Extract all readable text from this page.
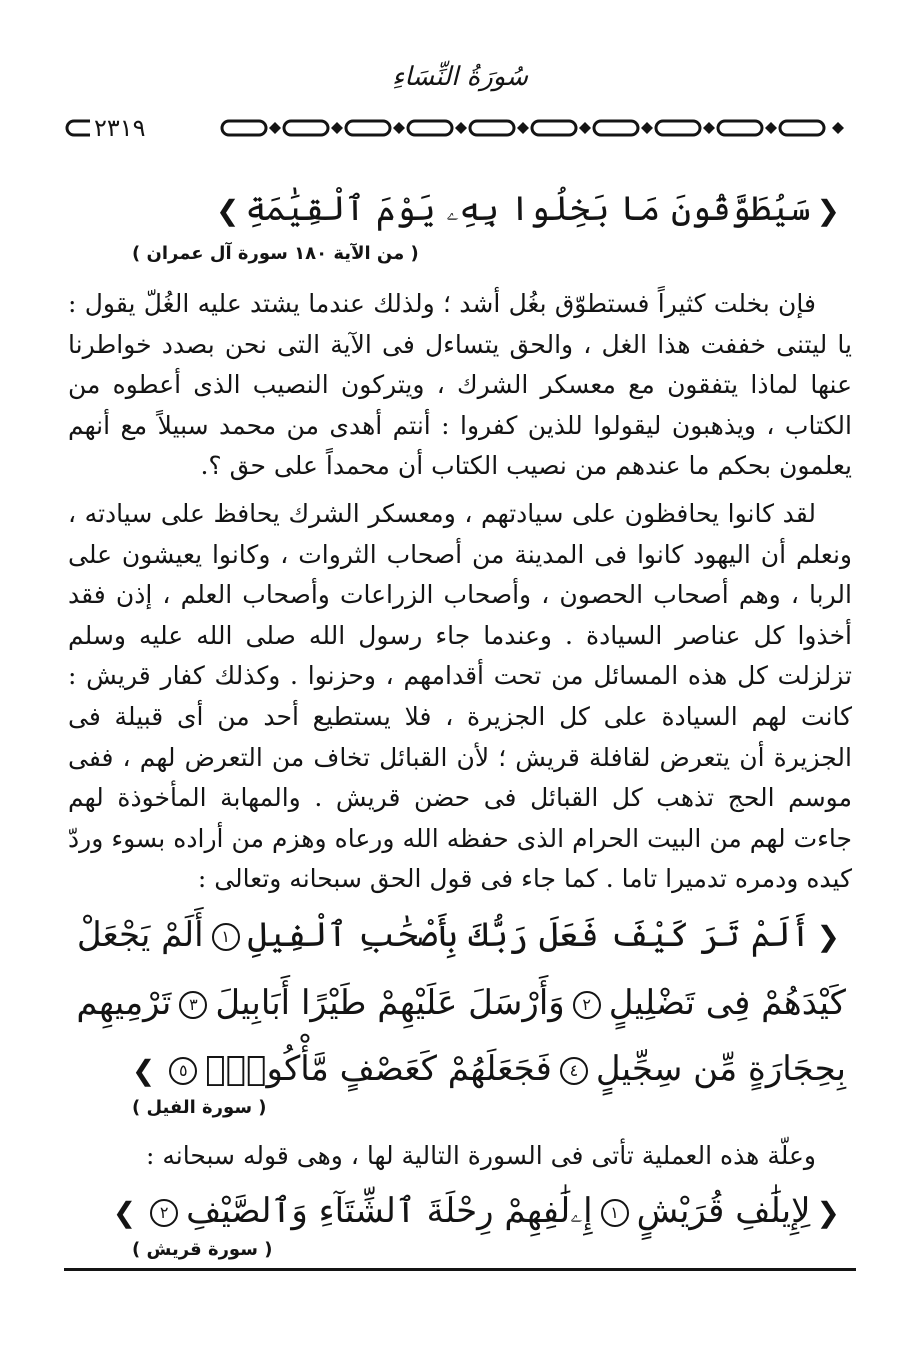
سُورَةُ النِّسَاءِ
٢٣١٩
❮سَيُطَوَّقُونَ مَا بَخِلُوا بِهِۦ يَوْمَ ٱلْقِيَٰمَةِ❯
( من الآية ١٨٠ سورة آل عمران )
فإن بخلت كثيراً فستطوّق بغُل أشد ؛ ولذلك عندما يشتد عليه الغُلّ يقول : يا ليتنى خففت هذا الغل ، والحق يتساءل فى الآية التى نحن بصدد خواطرنا عنها لماذا يتفقون مع معسكر الشرك ، ويتركون النصيب الذى أعطوه من الكتاب ، ويذهبون ليقولوا للذين كفروا : أنتم أهدى من محمد سبيلاً مع أنهم يعلمون بحكم ما عندهم من نصيب الكتاب أن محمداً على حق ؟.
لقد كانوا يحافظون على سيادتهم ، ومعسكر الشرك يحافظ على سيادته ، ونعلم أن اليهود كانوا فى المدينة من أصحاب الثروات ، وكانوا يعيشون على الربا ، وهم أصحاب الحصون ، وأصحاب الزراعات وأصحاب العلم ، إذن فقد أخذوا كل عناصر السيادة . وعندما جاء رسول الله صلى الله عليه وسلم تزلزلت كل هذه المسائل من تحت أقدامهم ، وحزنوا . وكذلك كفار قريش : كانت لهم السيادة على كل الجزيرة ، فلا يستطيع أحد من أى قبيلة فى الجزيرة أن يتعرض لقافلة قريش ؛ لأن القبائل تخاف من التعرض لهم ، ففى موسم الحج تذهب كل القبائل فى حضن قريش . والمهابة المأخوذة لهم جاءت لهم من البيت الحرام الذى حفظه الله ورعاه وهزم من أراده بسوء وردّ كيده ودمره تدميرا تاما . كما جاء فى قول الحق سبحانه وتعالى :
❮أَلَمْ تَرَ كَيْفَ فَعَلَ رَبُّكَ بِأَصْحَٰبِ ٱلْفِيلِ١أَلَمْ يَجْعَلْ كَيْدَهُمْ فِى تَضْلِيلٍ٢وَأَرْسَلَ عَلَيْهِمْ طَيْرًا أَبَابِيلَ٣تَرْمِيهِم بِحِجَارَةٍ مِّن سِجِّيلٍ٤فَجَعَلَهُمْ كَعَصْفٍ مَّأْكُولٍۭ٥❯
( سورة الفيل )
وعلّة هذه العملية تأتى فى السورة التالية لها ، وهى قوله سبحانه :
❮لِإِيلَٰفِ قُرَيْشٍ١إِۦلَٰفِهِمْ رِحْلَةَ ٱلشِّتَآءِ وَٱلصَّيْفِ٢❯
( سورة قريش )
